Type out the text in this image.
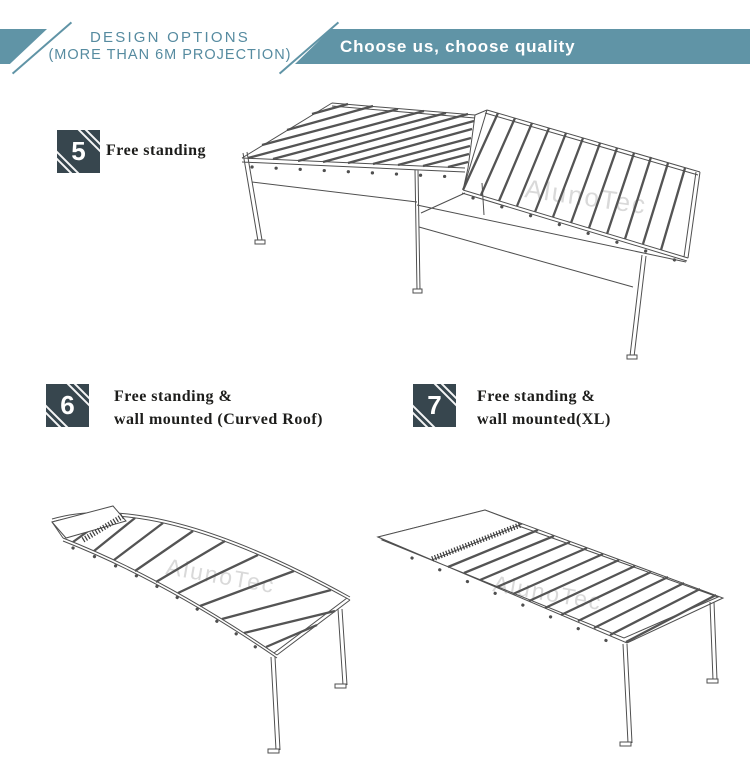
DESIGN OPTIONS
(MORE THAN 6M PROJECTION)	Choose us, choose quality
5	Free standing
AlunoTec
6	Free standing &
wall mounted (Curved Roof)
AlunoTec
7	Free standing &
wall mounted(XL)
AlunoTec
